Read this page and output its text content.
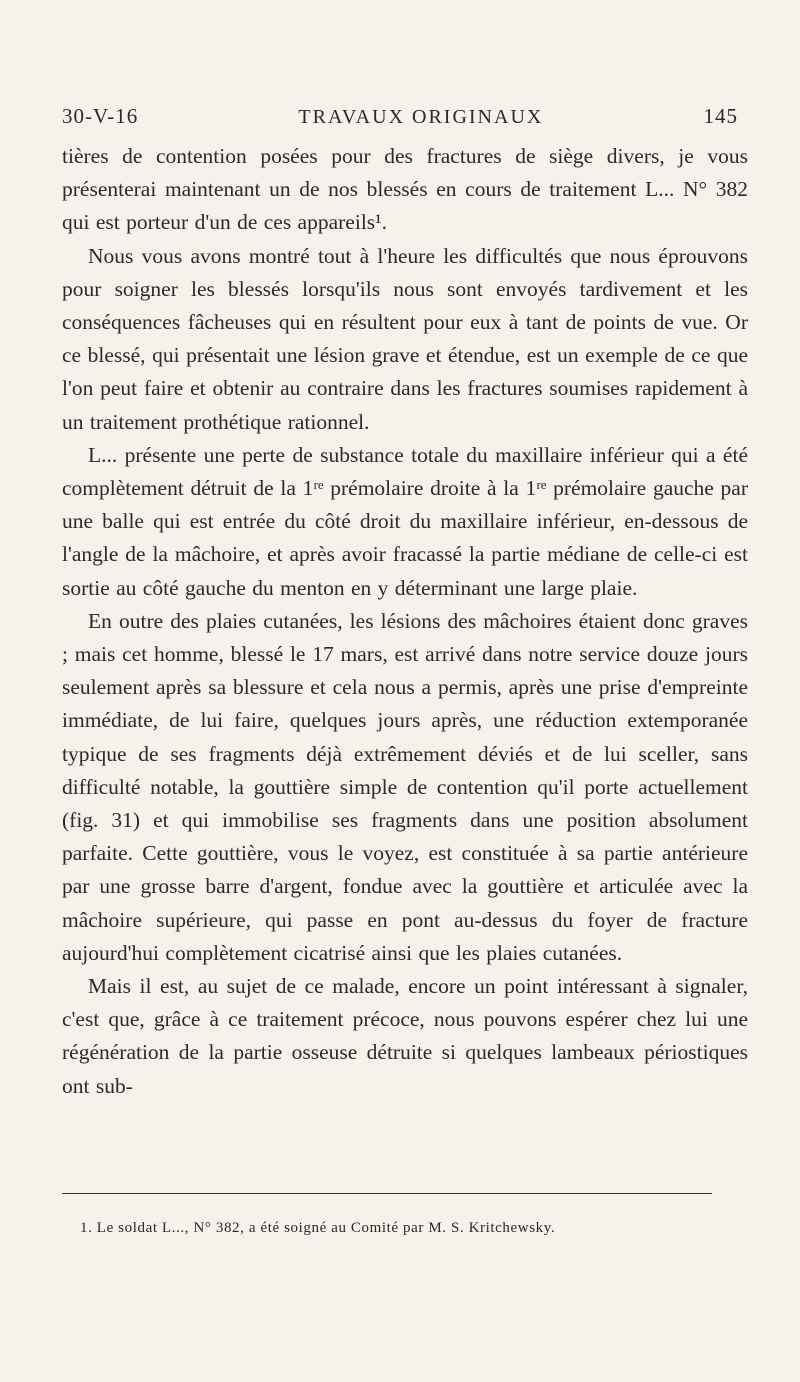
30-V-16	TRAVAUX ORIGINAUX	145

tières de contention posées pour des fractures de siège divers, je vous présenterai maintenant un de nos blessés en cours de traitement L... N° 382 qui est porteur d'un de ces appareils¹.

Nous vous avons montré tout à l'heure les difficultés que nous éprouvons pour soigner les blessés lorsqu'ils nous sont envoyés tardivement et les conséquences fâcheuses qui en résultent pour eux à tant de points de vue. Or ce blessé, qui présentait une lésion grave et étendue, est un exemple de ce que l'on peut faire et obtenir au contraire dans les fractures soumises rapidement à un traitement prothétique rationnel.

L... présente une perte de substance totale du maxillaire inférieur qui a été complètement détruit de la 1ʳᵉ prémolaire droite à la 1ʳᵉ prémolaire gauche par une balle qui est entrée du côté droit du maxillaire inférieur, en-dessous de l'angle de la mâchoire, et après avoir fracassé la partie médiane de celle-ci est sortie au côté gauche du menton en y déterminant une large plaie.

En outre des plaies cutanées, les lésions des mâchoires étaient donc graves ; mais cet homme, blessé le 17 mars, est arrivé dans notre service douze jours seulement après sa blessure et cela nous a permis, après une prise d'empreinte immédiate, de lui faire, quelques jours après, une réduction extemporanée typique de ses fragments déjà extrêmement déviés et de lui sceller, sans difficulté notable, la gouttière simple de contention qu'il porte actuellement (fig. 31) et qui immobilise ses fragments dans une position absolument parfaite. Cette gouttière, vous le voyez, est constituée à sa partie antérieure par une grosse barre d'argent, fondue avec la gouttière et articulée avec la mâchoire supérieure, qui passe en pont au-dessus du foyer de fracture aujourd'hui complètement cicatrisé ainsi que les plaies cutanées.

Mais il est, au sujet de ce malade, encore un point intéressant à signaler, c'est que, grâce à ce traitement précoce, nous pouvons espérer chez lui une régénération de la partie osseuse détruite si quelques lambeaux périostiques ont sub-

1. Le soldat L..., N° 382, a été soigné au Comité par M. S. Kritchewsky.
